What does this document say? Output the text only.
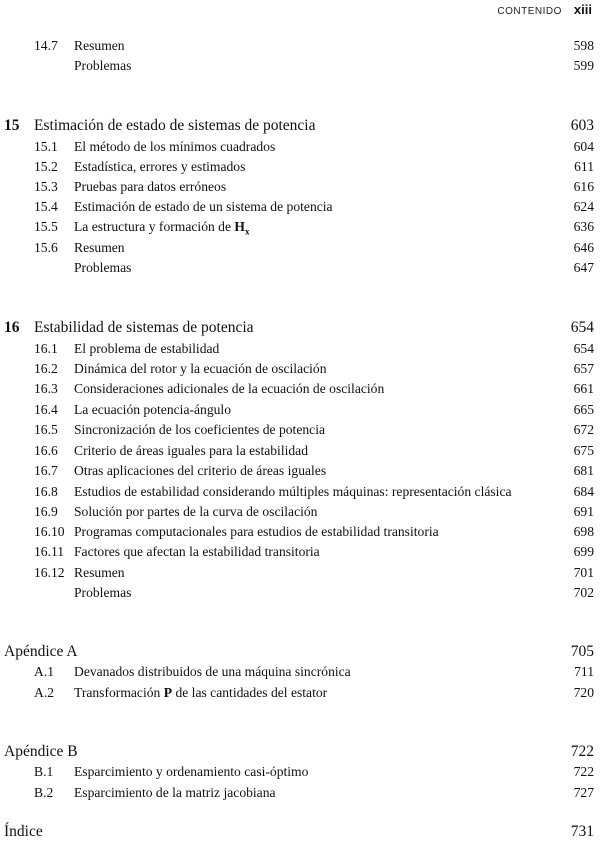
CONTENIDO xiii
14.7 Resumen	598
Problemas	599
15 Estimación de estado de sistemas de potencia	603
15.1 El método de los mínimos cuadrados	604
15.2 Estadística, errores y estimados	611
15.3 Pruebas para datos erróneos	616
15.4 Estimación de estado de un sistema de potencia	624
15.5 La estructura y formación de $H_x$	636
15.6 Resumen	646
Problemas	647
16 Estabilidad de sistemas de potencia	654
16.1 El problema de estabilidad	654
16.2 Dinámica del rotor y la ecuación de oscilación	657
16.3 Consideraciones adicionales de la ecuación de oscilación	661
16.4 La ecuación potencia-ángulo	665
16.5 Sincronización de los coeficientes de potencia	672
16.6 Criterio de áreas iguales para la estabilidad	675
16.7 Otras aplicaciones del criterio de áreas iguales	681
16.8 Estudios de estabilidad considerando múltiples máquinas: representación clásica	684
16.9 Solución por partes de la curva de oscilación	691
16.10 Programas computacionales para estudios de estabilidad transitoria	698
16.11 Factores que afectan la estabilidad transitoria	699
16.12 Resumen	701
Problemas	702
Apéndice A	705
A.1 Devanados distribuidos de una máquina sincrónica	711
A.2 Transformación P de las cantidades del estator	720
Apéndice B	722
B.1 Esparcimiento y ordenamiento casi-óptimo	722
B.2 Esparcimiento de la matriz jacobiana	727
Índice	731
